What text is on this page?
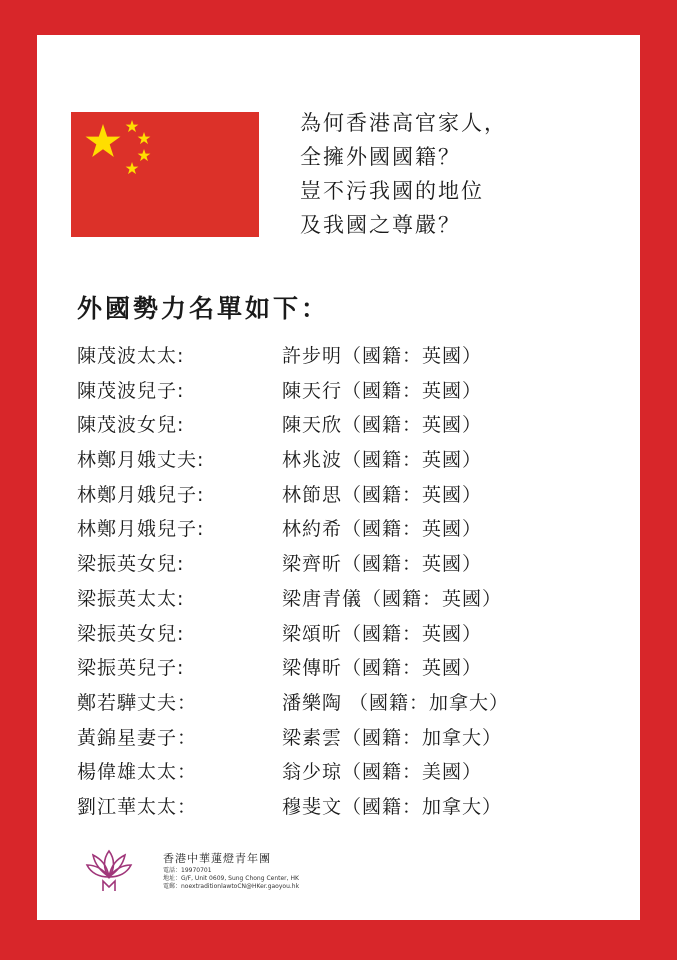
為何香港高官家人，
全擁外國國籍？
豈不污我國的地位
及我國之尊嚴？
外國勢力名單如下：
陳茂波太太:	許步明（國籍：英國）
陳茂波兒子:	陳天行（國籍：英國）
陳茂波女兒:	陳天欣（國籍：英國）
林鄭月娥丈夫:	林兆波（國籍：英國）
林鄭月娥兒子:	林節思（國籍：英國）
林鄭月娥兒子:	林約希（國籍：英國）
梁振英女兒:	梁齊昕（國籍：英國）
梁振英太太:	梁唐青儀（國籍：英國）
梁振英女兒:	梁頌昕（國籍：英國）
梁振英兒子:	梁傳昕（國籍：英國）
鄭若驊丈夫：	潘樂陶 （國籍：加拿大）
黃錦星妻子：	梁素雲（國籍：加拿大）
楊偉雄太太：	翁少琼（國籍：美國）
劉江華太太：	穆斐文（國籍：加拿大）
香港中華蓮燈青年團
電話：19970701
地址：G/F, Unit 0609, Sung Chong Center, HK
電郵：noextraditionlawtoCN@HKer.gaoyou.hk
